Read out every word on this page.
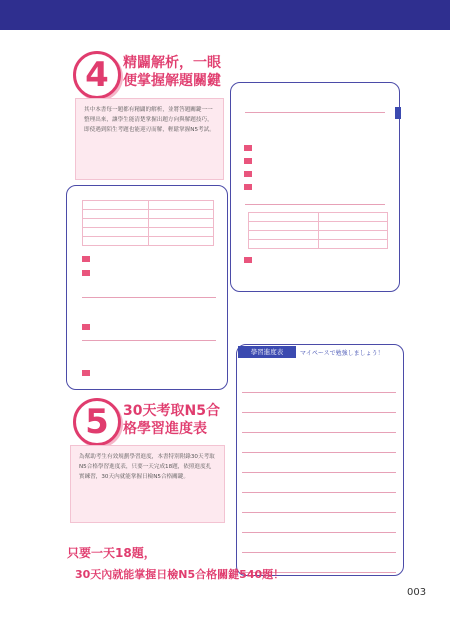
4	精闢解析，一眼
便掌握解題關鍵
其中本書每一題都有精闢的解析，並將答題關鍵一一整理出來，讓學生能清楚掌握出題方向與解題技巧，即使遇到陌生考題也能迎刃而解，輕鬆掌握N5考試。

5	30天考取N5合
格學習進度表
為幫助考生有效規劃學習進度，本書特別附錄30天考取N5合格學習進度表，只要一天完成18題，依照進度扎實練習，30天內就能掌握日檢N5合格關鍵。
學習進度表	マイペースで勉強しましょう！
只要一天18題，
30天內就能掌握日檢N5合格關鍵540題！
003
